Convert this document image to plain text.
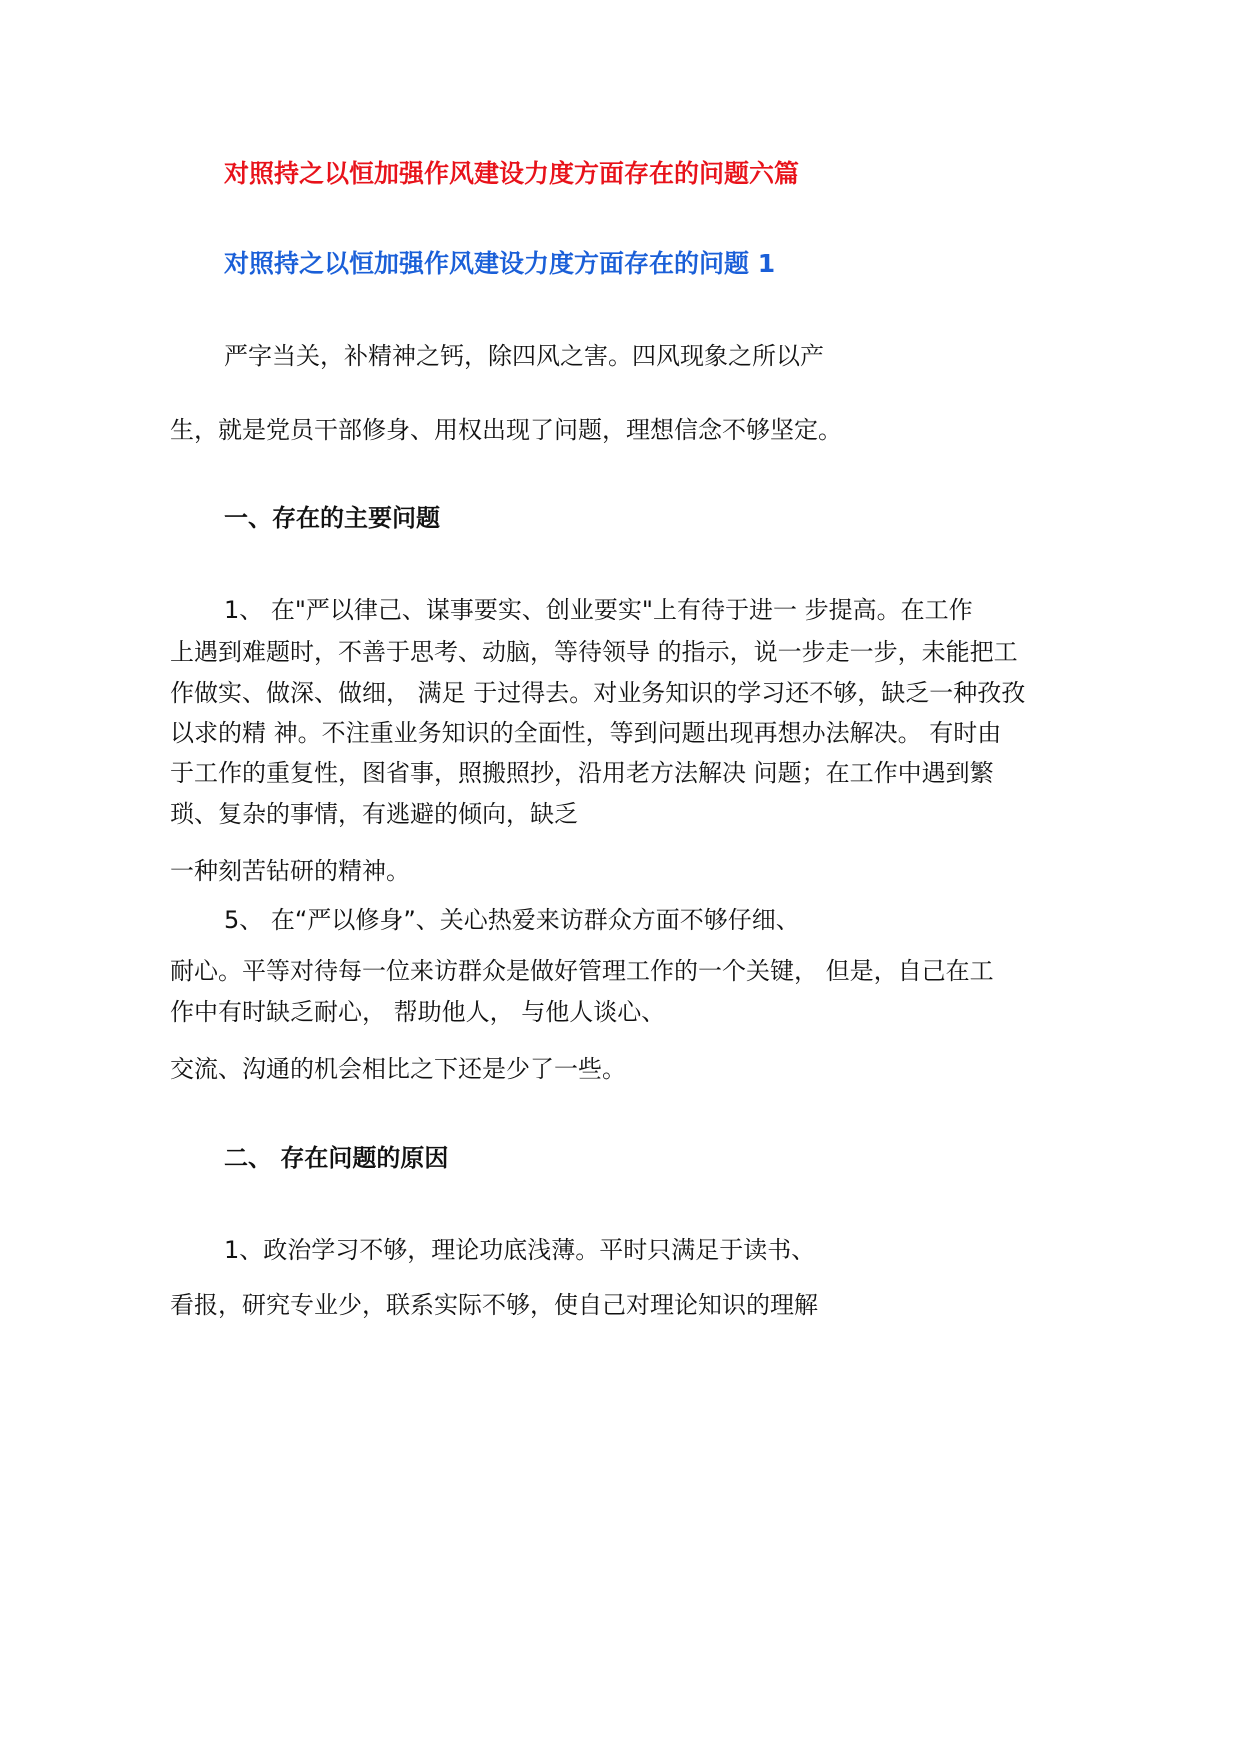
对照持之以恒加强作风建设力度方面存在的问题六篇
对照持之以恒加强作风建设力度方面存在的问题 1
严字当关，补精神之钙，除四风之害。四风现象之所以产
生，就是党员干部修身、用权出现了问题，理想信念不够坚定。
一、存在的主要问题
1、 在"严以律己、谋事要实、创业要实"上有待于进一 步提高。在工作
上遇到难题时，不善于思考、动脑，等待领导 的指示，说一步走一步，未能把工
作做实、做深、做细， 满足 于过得去。对业务知识的学习还不够，缺乏一种孜孜
以求的精 神。不注重业务知识的全面性，等到问题出现再想办法解决。 有时由
于工作的重复性，图省事，照搬照抄，沿用老方法解决 问题；在工作中遇到繁
琐、复杂的事情，有逃避的倾向，缺乏
一种刻苦钻研的精神。
5、 在“严以修身”、关心热爱来访群众方面不够仔细、
耐心。平等对待每一位来访群众是做好管理工作的一个关键， 但是，自己在工
作中有时缺乏耐心， 帮助他人， 与他人谈心、
交流、沟通的机会相比之下还是少了一些。
二、 存在问题的原因
1、政治学习不够，理论功底浅薄。平时只满足于读书、
看报，研究专业少，联系实际不够，使自己对理论知识的理解
